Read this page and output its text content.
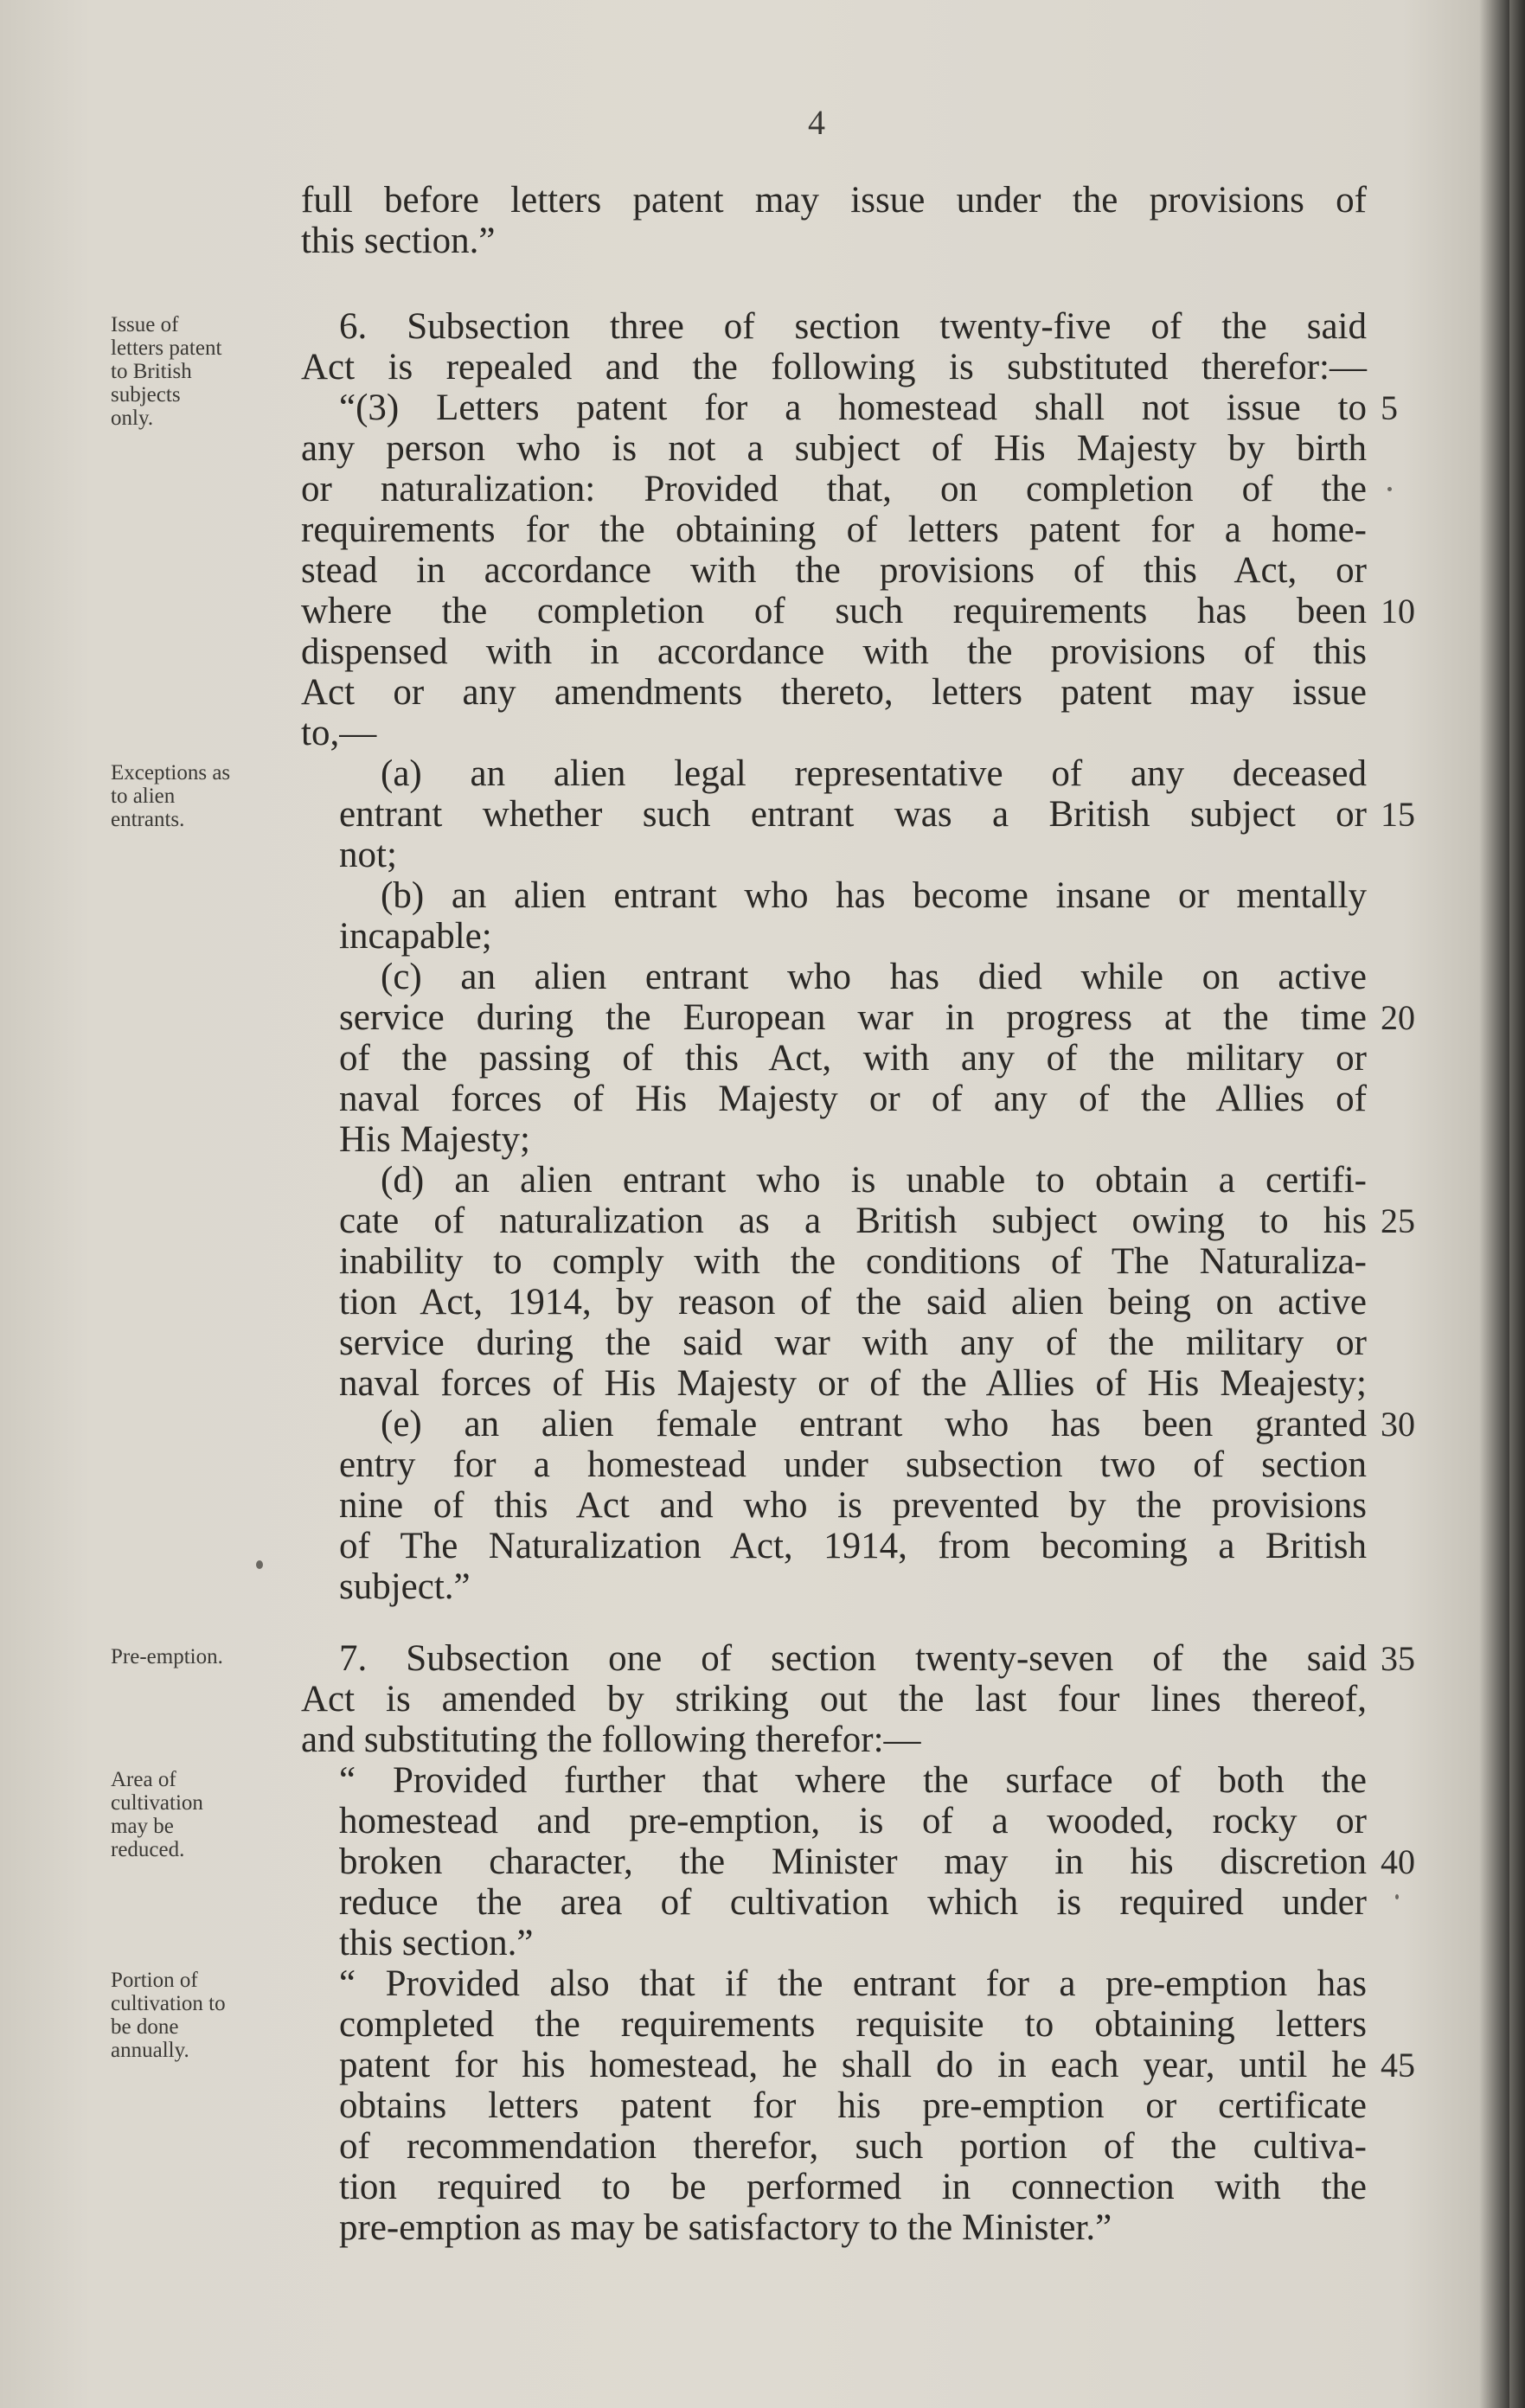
4
Issue of
letters patent
to British
subjects
only.
Exceptions as
to alien
entrants.
Pre-emption.
Area of
cultivation
may be
reduced.
Portion of
cultivation to
be done
annually.
full before letters patent may issue under the provisions of
this section.”
6. Subsection three of section twenty-five of the said
Act is repealed and the following is substituted therefor:—
“(3) Letters patent for a homestead shall not issue to
any person who is not a subject of His Majesty by birth
or naturalization: Provided that, on completion of the
requirements for the obtaining of letters patent for a home-
stead in accordance with the provisions of this Act, or
where the completion of such requirements has been
dispensed with in accordance with the provisions of this
Act or any amendments thereto, letters patent may issue
to,—
(a) an alien legal representative of any deceased
entrant whether such entrant was a British subject or
not;
(b) an alien entrant who has become insane or mentally
incapable;
(c) an alien entrant who has died while on active
service during the European war in progress at the time
of the passing of this Act, with any of the military or
naval forces of His Majesty or of any of the Allies of
His Majesty;
(d) an alien entrant who is unable to obtain a certifi-
cate of naturalization as a British subject owing to his
inability to comply with the conditions of The Naturaliza-
tion Act, 1914, by reason of the said alien being on active
service during the said war with any of the military or
naval forces of His Majesty or of the Allies of His Meajesty;
(e) an alien female entrant who has been granted
entry for a homestead under subsection two of section
nine of this Act and who is prevented by the provisions
of The Naturalization Act, 1914, from becoming a British
subject.”
7. Subsection one of section twenty-seven of the said
Act is amended by striking out the last four lines thereof,
and substituting the following therefor:—
“ Provided further that where the surface of both the
homestead and pre-emption, is of a wooded, rocky or
broken character, the Minister may in his discretion
reduce the area of cultivation which is required under
this section.”
“ Provided also that if the entrant for a pre-emption has
completed the requirements requisite to obtaining letters
patent for his homestead, he shall do in each year, until he
obtains letters patent for his pre-emption or certificate
of recommendation therefor, such portion of the cultiva-
tion required to be performed in connection with the
pre-emption as may be satisfactory to the Minister.”
5
10
15
20
25
30
35
40
45
